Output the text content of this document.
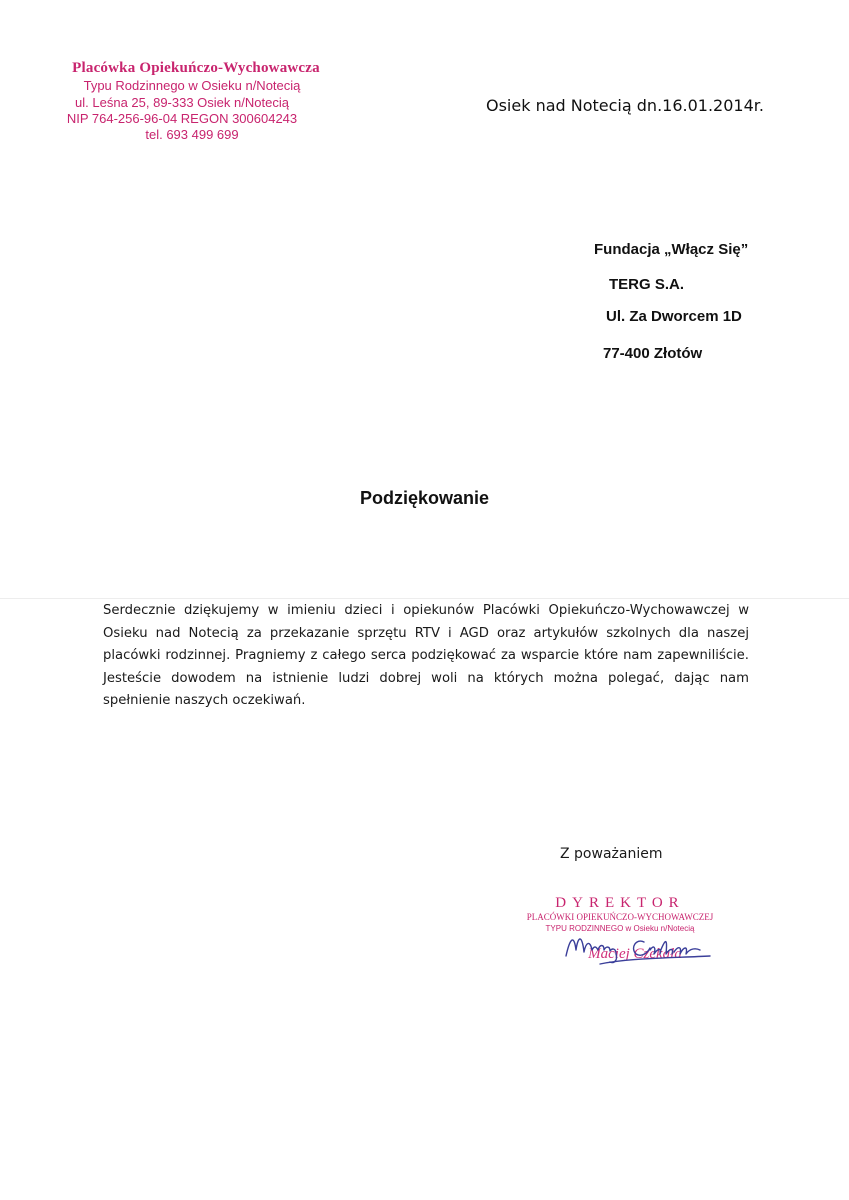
Placówka Opiekuńczo-Wychowawcza
Typu Rodzinnego w Osieku n/Notecią
ul. Leśna 25, 89-333 Osiek n/Notecią
NIP 764-256-96-04 REGON 300604243
tel. 693 499 699
Osiek nad Notecią dn.16.01.2014r.
Fundacja „Włącz Się”
TERG S.A.
Ul. Za Dworcem 1D
77-400 Złotów
Podziękowanie

Serdecznie dziękujemy w imieniu dzieci i opiekunów Placówki Opiekuńczo-Wychowawczej w Osieku nad Notecią za przekazanie sprzętu RTV i AGD oraz artykułów szkolnych dla naszej placówki rodzinnej. Pragniemy z całego serca podziękować za wsparcie które nam zapewniliście. Jesteście dowodem na istnienie ludzi dobrej woli na których można polegać, dając nam spełnienie naszych oczekiwań.

Z poważaniem
DYREKTOR
PLACÓWKI OPIEKUŃCZO-WYCHOWAWCZEJ
TYPU RODZINNEGO w Osieku n/Notecią
Maciej Czekała
